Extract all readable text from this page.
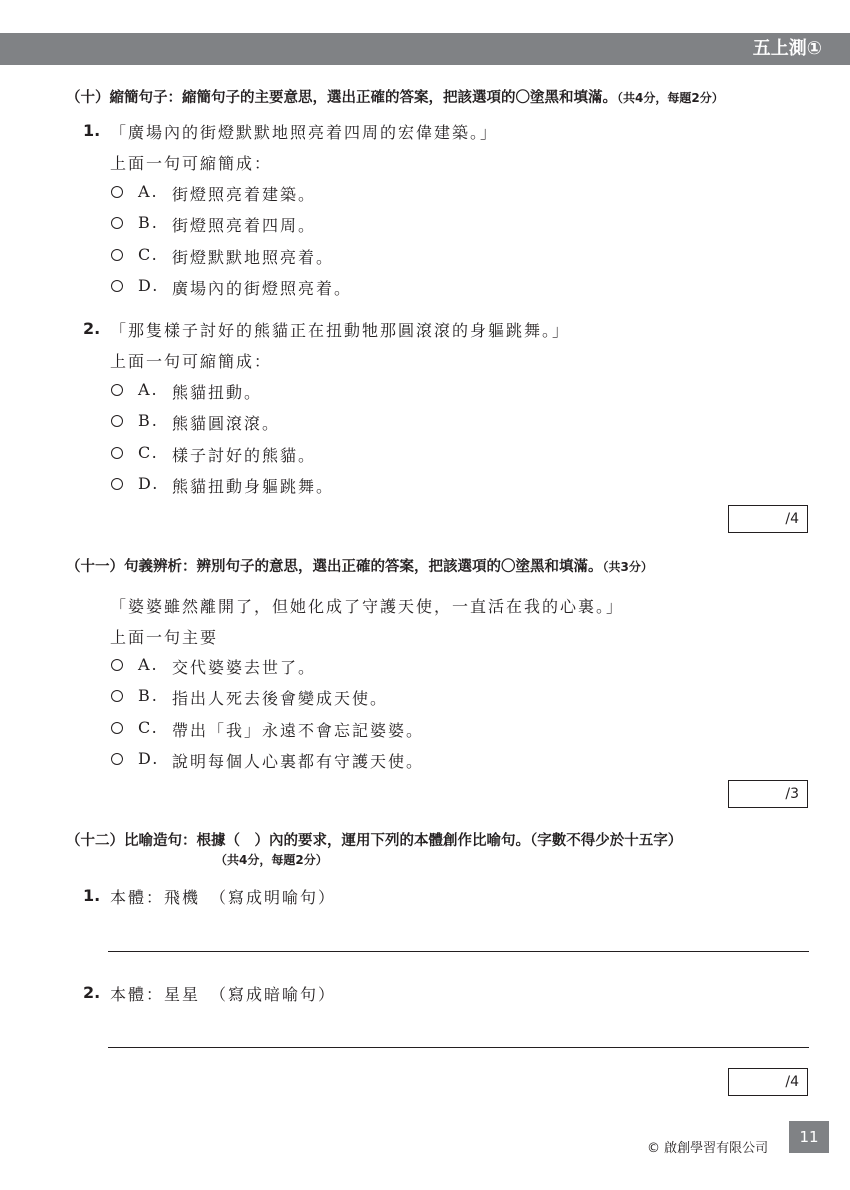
五上測①
（十）縮簡句子：縮簡句子的主要意思，選出正確的答案，把該選項的〇塗黑和填滿。（共4分，每題2分）
1. 「廣場內的街燈默默地照亮着四周的宏偉建築。」
上面一句可縮簡成：
A. 街燈照亮着建築。
B. 街燈照亮着四周。
C. 街燈默默地照亮着。
D. 廣場內的街燈照亮着。
2. 「那隻樣子討好的熊貓正在扭動牠那圓滾滾的身軀跳舞。」
上面一句可縮簡成：
A. 熊貓扭動。
B. 熊貓圓滾滾。
C. 樣子討好的熊貓。
D. 熊貓扭動身軀跳舞。
/4
（十一）句義辨析：辨別句子的意思，選出正確的答案，把該選項的〇塗黑和填滿。（共3分）
「婆婆雖然離開了，但她化成了守護天使，一直活在我的心裏。」
上面一句主要
A. 交代婆婆去世了。
B. 指出人死去後會變成天使。
C. 帶出「我」永遠不會忘記婆婆。
D. 說明每個人心裏都有守護天使。
/3
（十二）比喻造句：根據（　）內的要求，運用下列的本體創作比喻句。（字數不得少於十五字）
（共4分，每題2分）
1. 本體：飛機　（寫成明喻句）
2. 本體：星星　（寫成暗喻句）
/4
© 啟創學習有限公司
11
